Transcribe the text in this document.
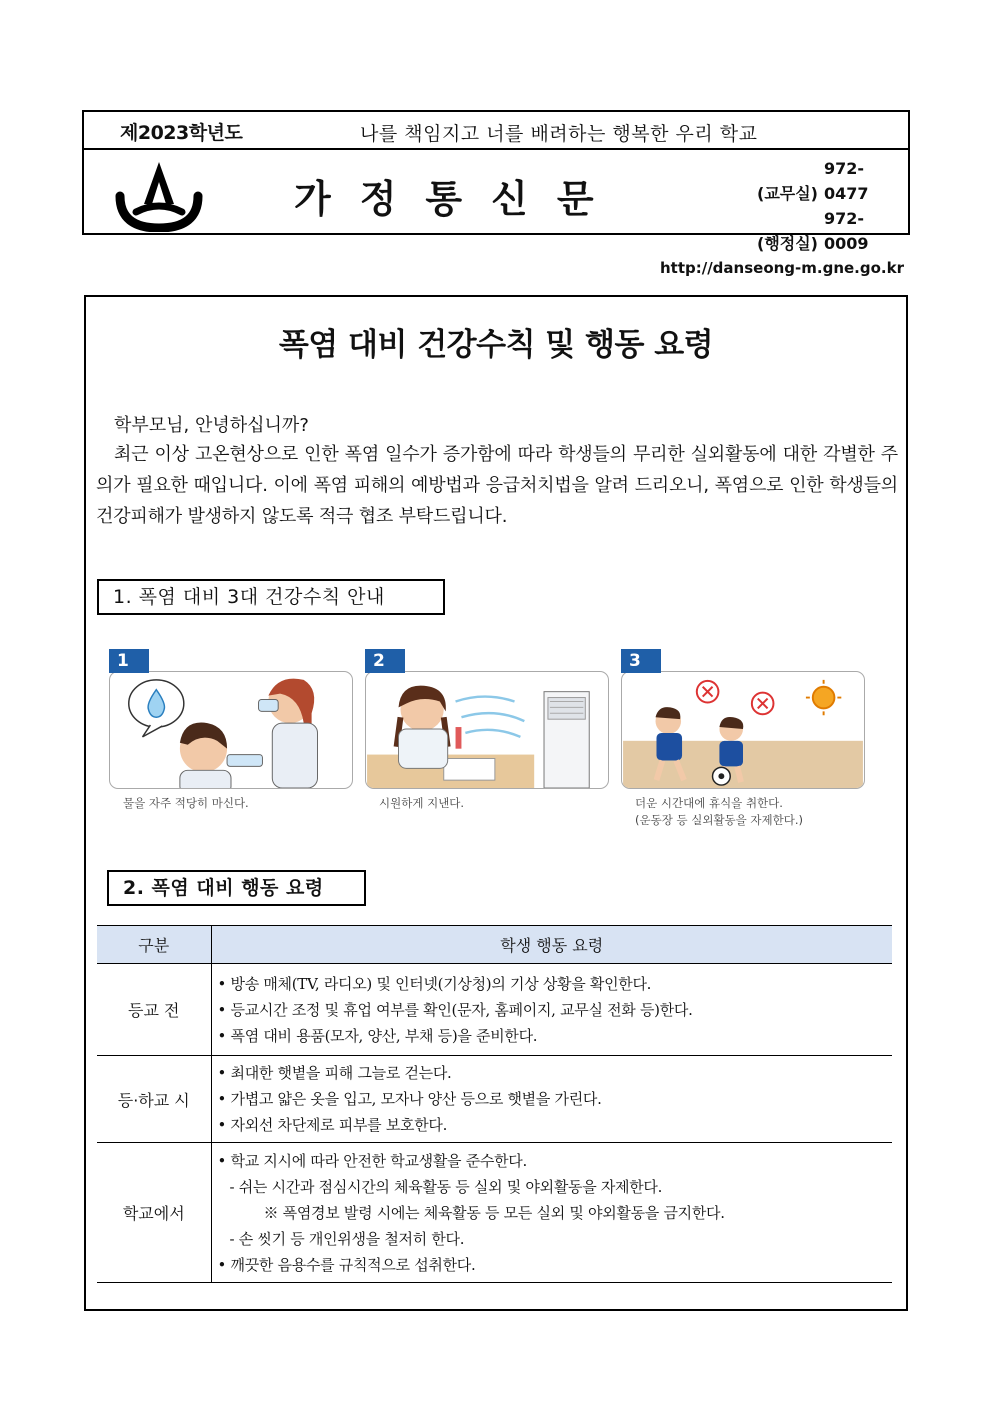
제2023학년도	나를 책임지고 너를 배려하는 행복한 우리 학교
가정통신문	(교무실)972-0477
(행정실)972-0009
http://danseong-m.gne.go.kr
폭염 대비 건강수칙 및 행동 요령
학부모님, 안녕하십니까?
최근 이상 고온현상으로 인한 폭염 일수가 증가함에 따라 학생들의 무리한 실외활동에 대한 각별한 주의가 필요한 때입니다. 이에 폭염 피해의 예방법과 응급처치법을 알려 드리오니, 폭염으로 인한 학생들의 건강피해가 발생하지 않도록 적극 협조 부탁드립니다.
1. 폭염 대비 3대 건강수칙 안내
1
물을 자주 적당히 마신다.
2
시원하게 지낸다.
3
더운 시간대에 휴식을 취한다.
(운동장 등 실외활동을 자제한다.)
2. 폭염 대비 행동 요령
구분	학생 행동 요령
등교 전	• 방송 매체(TV, 라디오) 및 인터넷(기상청)의 기상 상황을 확인한다.
• 등교시간 조정 및 휴업 여부를 확인(문자, 홈페이지, 교무실 전화 등)한다.
• 폭염 대비 용품(모자, 양산, 부채 등)을 준비한다.

등·하교 시	• 최대한 햇볕을 피해 그늘로 걷는다.
• 가볍고 얇은 옷을 입고, 모자나 양산 등으로 햇볕을 가린다.
• 자외선 차단제로 피부를 보호한다.

학교에서	• 학교 지시에 따라 안전한 학교생활을 준수한다.
- 쉬는 시간과 점심시간의 체육활동 등 실외 및 야외활동을 자제한다.
※ 폭염경보 발령 시에는 체육활동 등 모든 실외 및 야외활동을 금지한다.
- 손 씻기 등 개인위생을 철저히 한다.
• 깨끗한 음용수를 규칙적으로 섭취한다.
